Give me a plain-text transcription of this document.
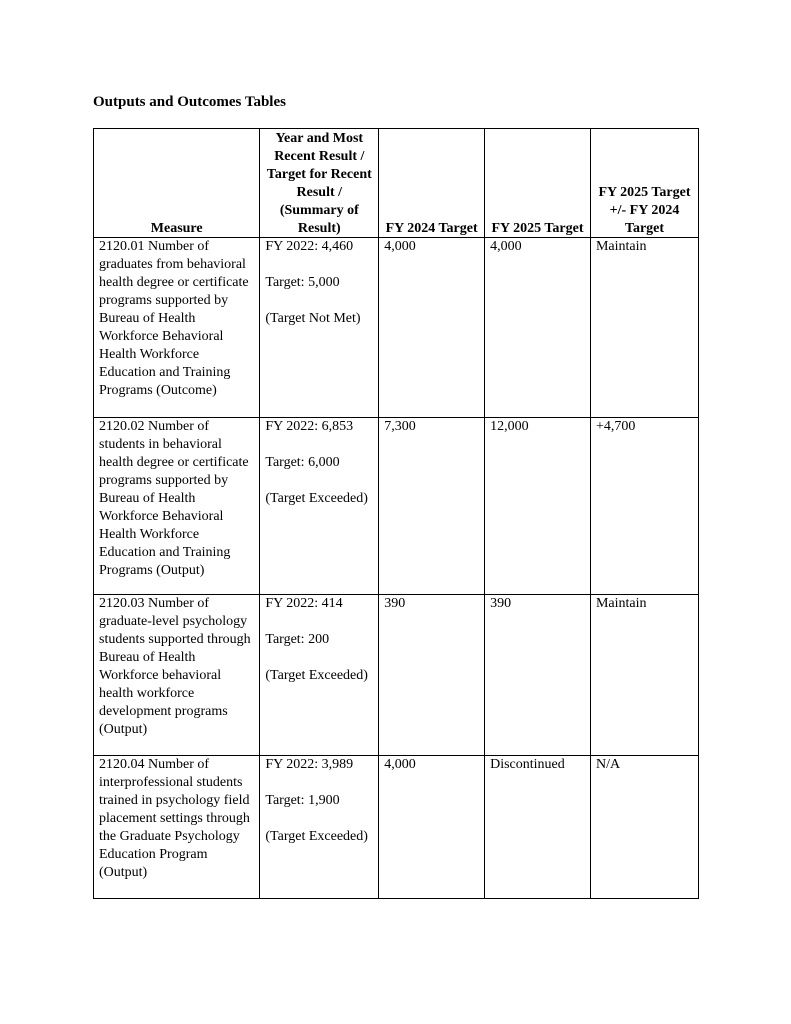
Outputs and Outcomes Tables
Measure	Year and Most Recent Result / Target for Recent Result / (Summary of Result)	FY 2024 Target	FY 2025 Target	FY 2025 Target +/- FY 2024 Target
2120.01 Number of graduates from behavioral health degree or certificate programs supported by Bureau of Health Workforce Behavioral Health Workforce Education and Training Programs (Outcome)	FY 2022: 4,460
Target: 5,000
(Target Not Met)	4,000	4,000	Maintain
2120.02 Number of students in behavioral health degree or certificate programs supported by Bureau of Health Workforce Behavioral Health Workforce Education and Training Programs (Output)	FY 2022: 6,853
Target: 6,000
(Target Exceeded)	7,300	12,000	+4,700
2120.03 Number of graduate-level psychology students supported through Bureau of Health Workforce behavioral health workforce development programs (Output)	FY 2022: 414
Target: 200
(Target Exceeded)	390	390	Maintain
2120.04 Number of interprofessional students trained in psychology field placement settings through the Graduate Psychology Education Program (Output)	FY 2022: 3,989
Target: 1,900
(Target Exceeded)	4,000	Discontinued	N/A
